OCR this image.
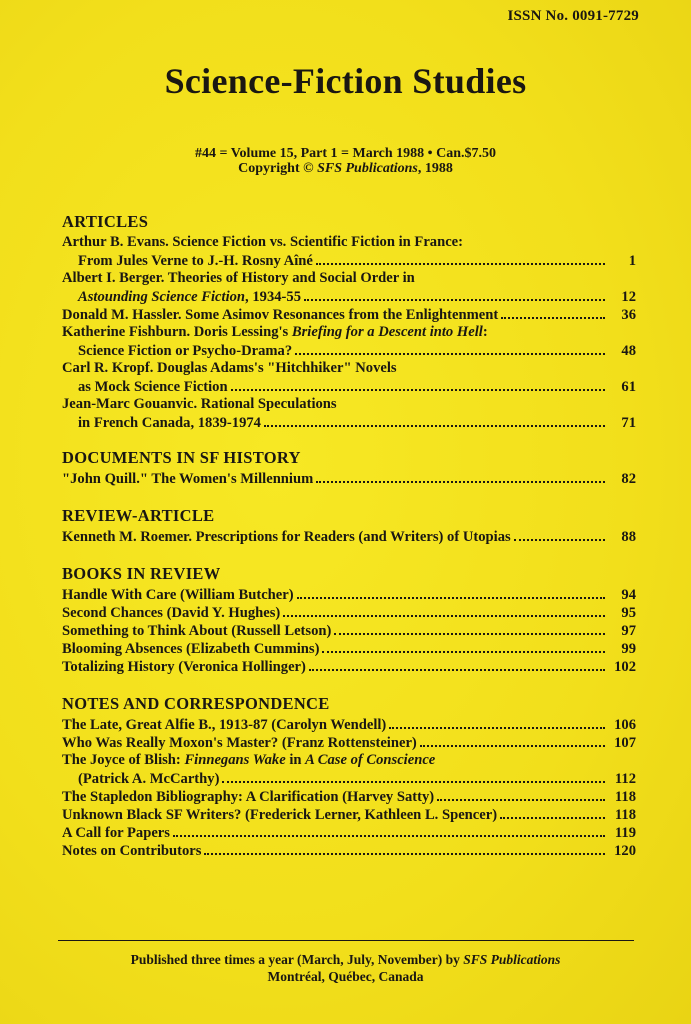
ISSN No. 0091-7729
Science-Fiction Studies
#44 = Volume 15, Part 1 = March 1988 • Can.$7.50
Copyright © SFS Publications, 1988
ARTICLES
Arthur B. Evans. Science Fiction vs. Scientific Fiction in France:
From Jules Verne to J.-H. Rosny Aîné	1
Albert I. Berger. Theories of History and Social Order in
Astounding Science Fiction, 1934-55	12
Donald M. Hassler. Some Asimov Resonances from the Enlightenment	36
Katherine Fishburn. Doris Lessing's Briefing for a Descent into Hell:
Science Fiction or Psycho-Drama?	48
Carl R. Kropf. Douglas Adams's "Hitchhiker" Novels
as Mock Science Fiction	61
Jean-Marc Gouanvic. Rational Speculations
in French Canada, 1839-1974	71
DOCUMENTS IN SF HISTORY
"John Quill." The Women's Millennium	82
REVIEW-ARTICLE
Kenneth M. Roemer. Prescriptions for Readers (and Writers) of Utopias	88
BOOKS IN REVIEW
Handle With Care (William Butcher)	94
Second Chances (David Y. Hughes)	95
Something to Think About (Russell Letson)	97
Blooming Absences (Elizabeth Cummins)	99
Totalizing History (Veronica Hollinger)	102
NOTES AND CORRESPONDENCE
The Late, Great Alfie B., 1913-87 (Carolyn Wendell)	106
Who Was Really Moxon's Master? (Franz Rottensteiner)	107
The Joyce of Blish: Finnegans Wake in A Case of Conscience
(Patrick A. McCarthy)	112
The Stapledon Bibliography: A Clarification (Harvey Satty)	118
Unknown Black SF Writers? (Frederick Lerner, Kathleen L. Spencer)	118
A Call for Papers	119
Notes on Contributors	120
Published three times a year (March, July, November) by SFS Publications
Montréal, Québec, Canada
